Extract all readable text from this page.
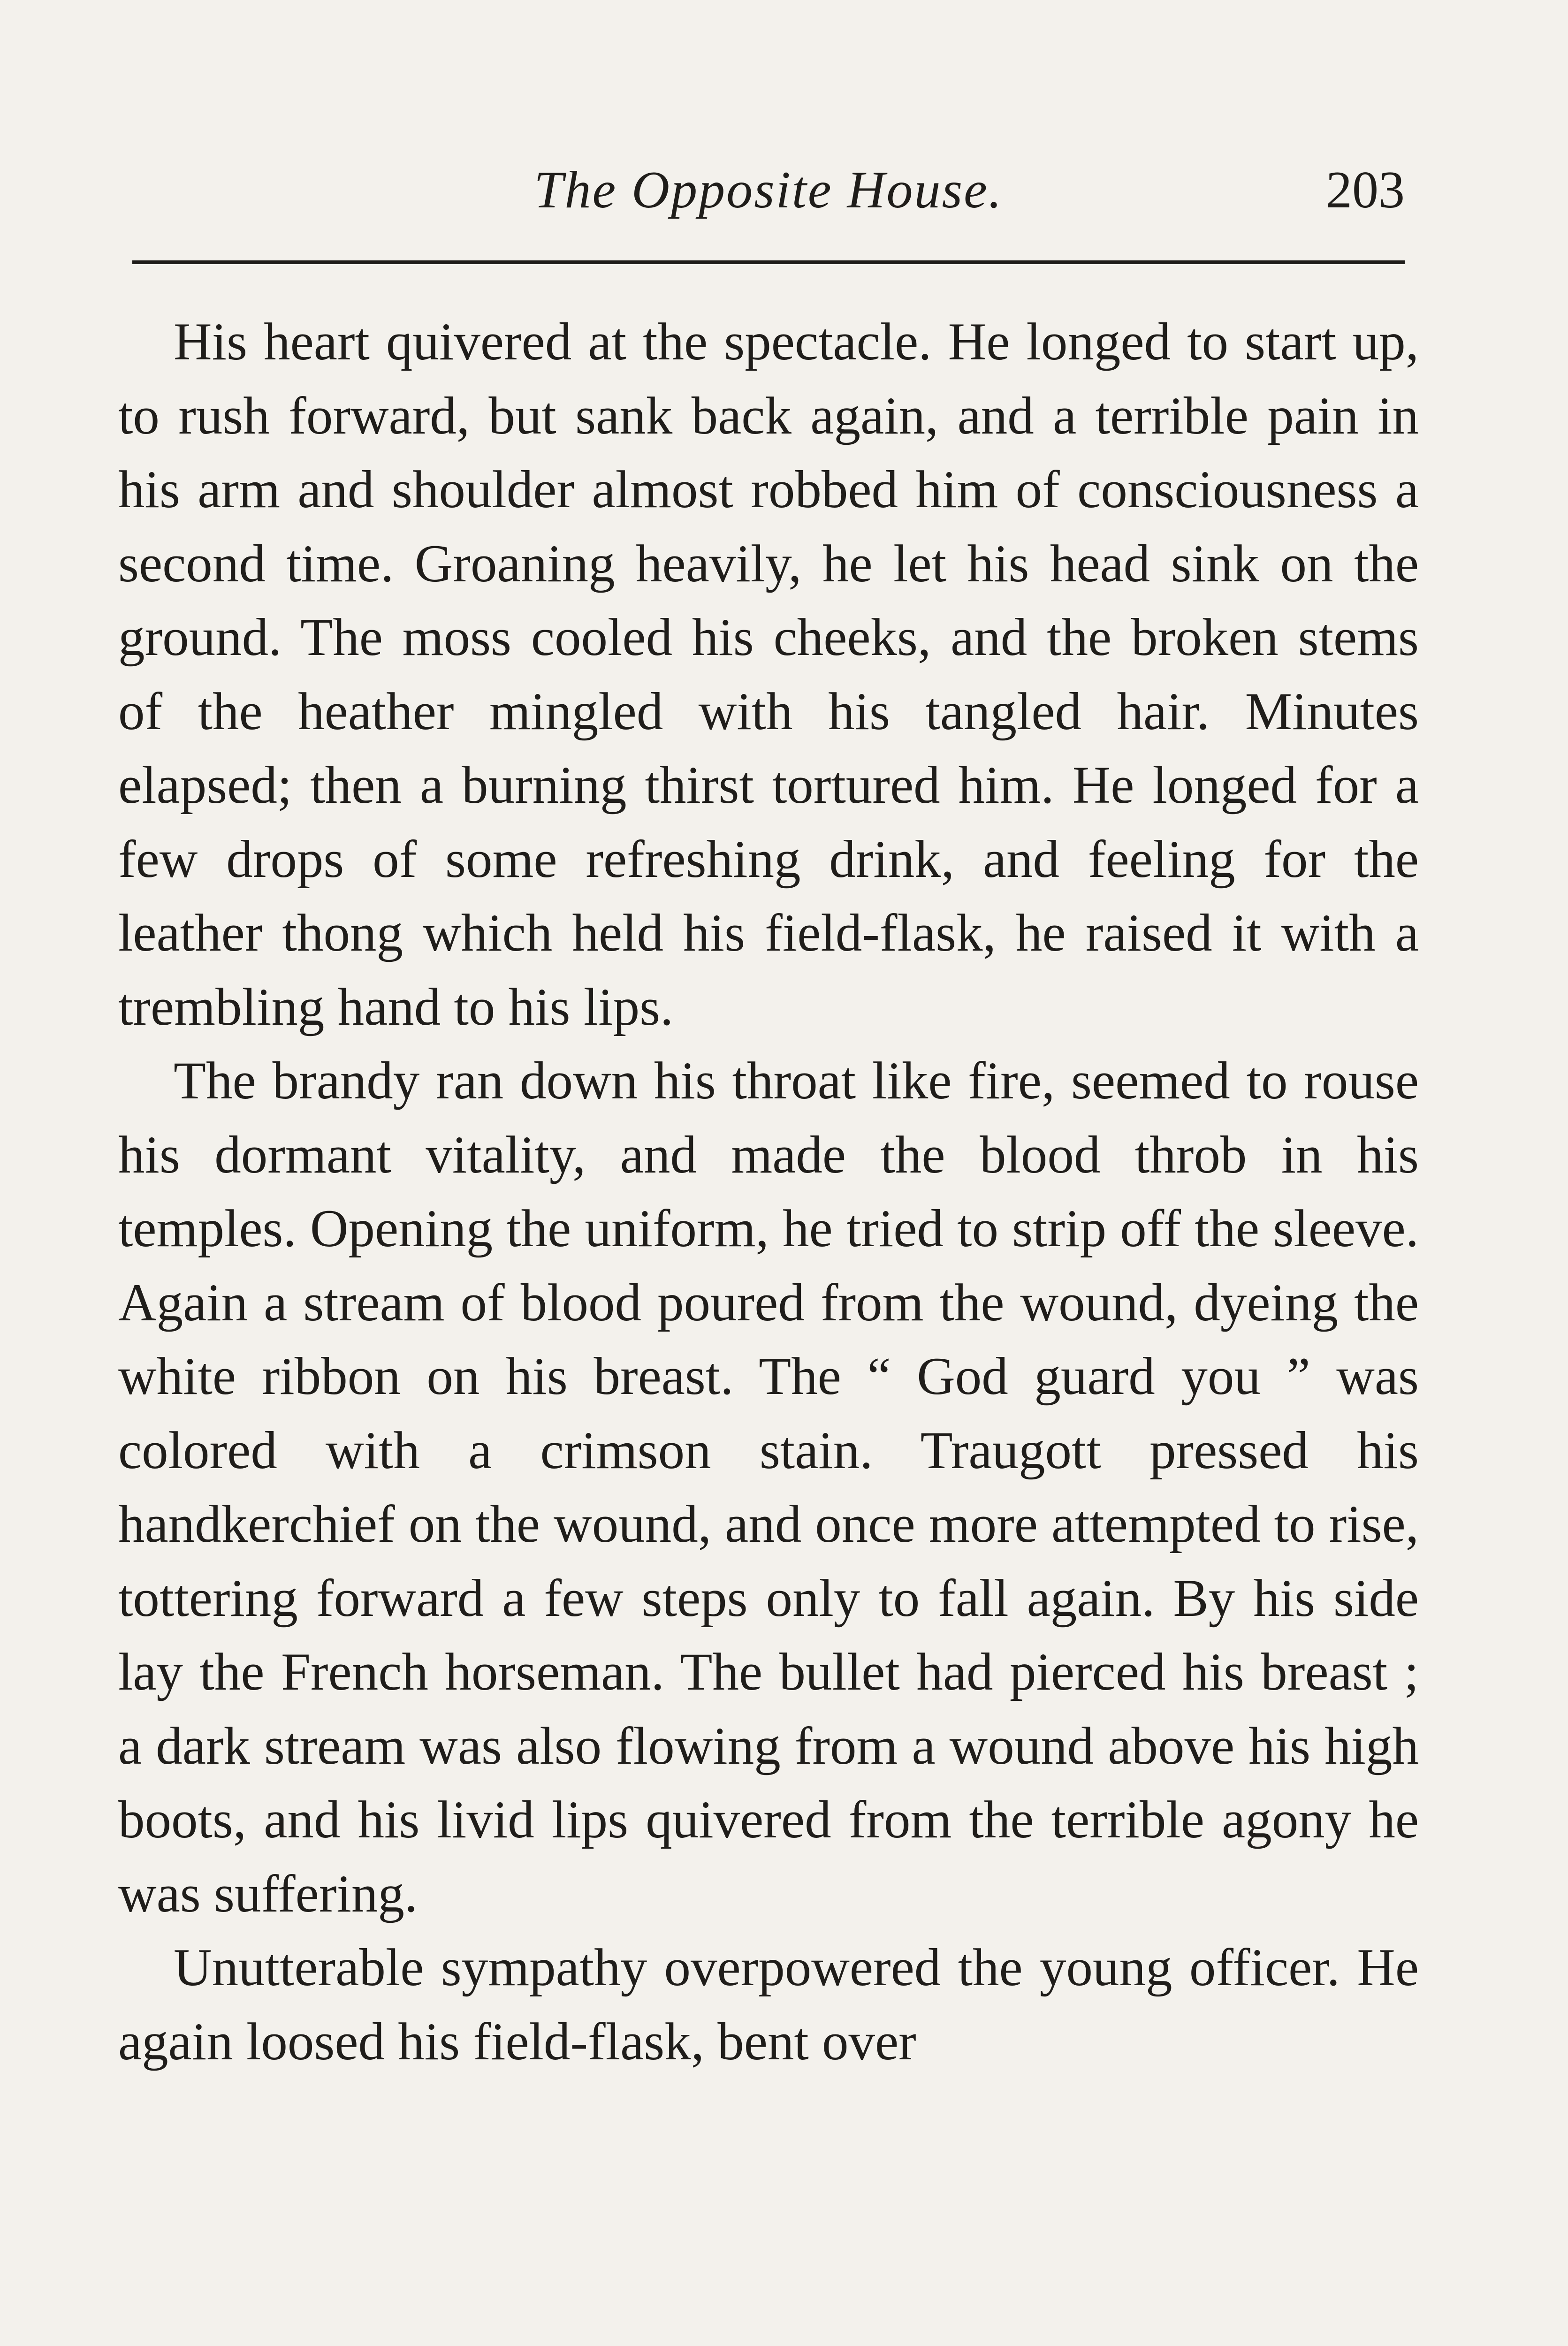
The Opposite House.	203

His heart quivered at the spectacle. He longed to start up, to rush forward, but sank back again, and a terrible pain in his arm and shoulder almost robbed him of consciousness a second time. Groaning heavily, he let his head sink on the ground. The moss cooled his cheeks, and the broken stems of the heather mingled with his tangled hair. Minutes elapsed; then a burning thirst tortured him. He longed for a few drops of some refreshing drink, and feeling for the leather thong which held his field-flask, he raised it with a trembling hand to his lips.

The brandy ran down his throat like fire, seemed to rouse his dormant vitality, and made the blood throb in his temples. Opening the uniform, he tried to strip off the sleeve. Again a stream of blood poured from the wound, dyeing the white ribbon on his breast. The “ God guard you ” was colored with a crimson stain. Traugott pressed his handkerchief on the wound, and once more attempted to rise, tottering forward a few steps only to fall again. By his side lay the French horseman. The bullet had pierced his breast ; a dark stream was also flowing from a wound above his high boots, and his livid lips quivered from the terrible agony he was suffering.

Unutterable sympathy overpowered the young officer. He again loosed his field-flask, bent over
